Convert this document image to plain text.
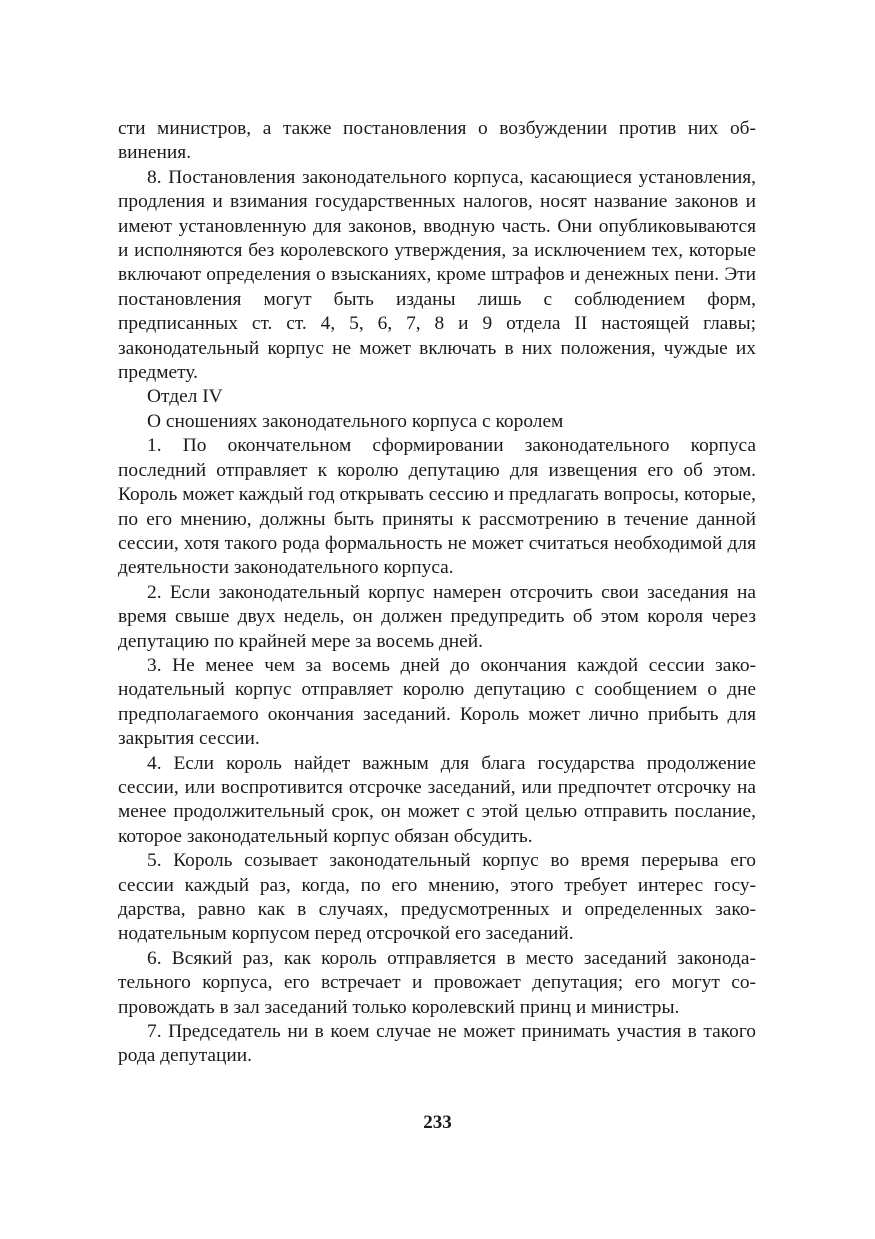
сти министров, а также постановления о возбуждении против них обвинения.

8. Постановления законодательного корпуса, касающиеся установления, продления и взимания государственных налогов, носят название законов и имеют установленную для законов, вводную часть. Они опубликовываются и исполняются без королевского утверждения, за исключением тех, которые включают определения о взысканиях, кроме штрафов и денежных пени. Эти постановления могут быть изданы лишь с соблюдением форм, предписанных ст. ст. 4, 5, 6, 7, 8 и 9 отдела II настоящей главы; законодательный корпус не может включать в них положения, чуждые их предмету.

Отдел IV

О сношениях законодательного корпуса с королем

1. По окончательном сформировании законодательного корпуса последний отправляет к королю депутацию для извещения его об этом. Король может каждый год открывать сессию и предлагать вопросы, которые, по его мнению, должны быть приняты к рассмотрению в течение данной сессии, хотя такого рода формальность не может считаться необходимой для деятельности законодательного корпуса.

2. Если законодательный корпус намерен отсрочить свои заседания на время свыше двух недель, он должен предупредить об этом короля через депутацию по крайней мере за восемь дней.

3. Не менее чем за восемь дней до окончания каждой сессии законодательный корпус отправляет королю депутацию с сообщением о дне предполагаемого окончания заседаний. Король может лично прибыть для закрытия сессии.

4. Если король найдет важным для блага государства продолжение сессии, или воспротивится отсрочке заседаний, или предпочтет отсрочку на менее продолжительный срок, он может с этой целью отправить послание, которое законодательный корпус обязан обсудить.

5. Король созывает законодательный корпус во время перерыва его сессии каждый раз, когда, по его мнению, этого требует интерес государства, равно как в случаях, предусмотренных и определенных законодательным корпусом перед отсрочкой его заседаний.

6. Всякий раз, как король отправляется в место заседаний законодательного корпуса, его встречает и провожает депутация; его могут сопровождать в зал заседаний только королевский принц и министры.

7. Председатель ни в коем случае не может принимать участия в такого рода депутации.

233
